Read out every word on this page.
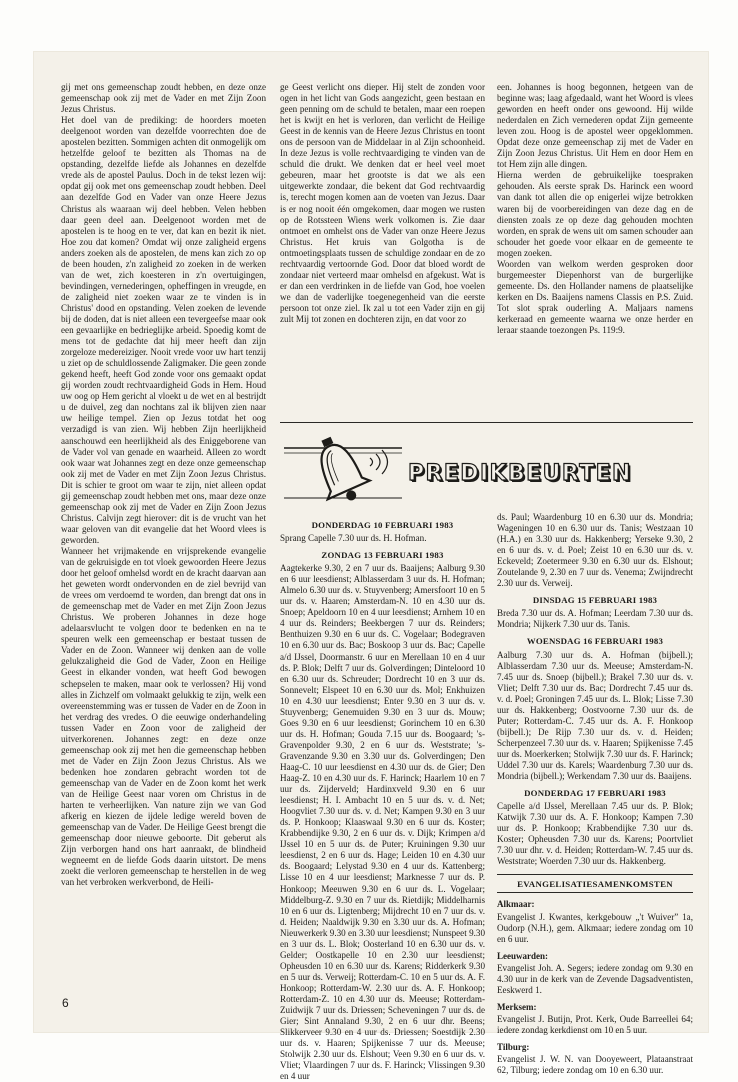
gij met ons gemeenschap zoudt hebben, en deze onze gemeenschap ook zij met de Vader en met Zijn Zoon Jezus Christus.

Het doel van de prediking: de hoorders moeten deelgenoot worden van dezelfde voorrechten doe de apostelen bezitten. Sommigen achten dit onmogelijk om hetzelfde geloof te bezitten als Thomas na de opstanding, dezelfde liefde als Johannes en dezelfde vrede als de apostel Paulus. Doch in de tekst lezen wij: opdat gij ook met ons gemeenschap zoudt hebben. Deel aan dezelfde God en Vader van onze Heere Jezus Christus als waaraan wij deel hebben. Velen hebben daar geen deel aan. Deelgenoot worden met de apostelen is te hoog en te ver, dat kan en bezit ik niet. Hoe zou dat komen? Omdat wij onze zaligheid ergens anders zoeken als de apostelen, de mens kan zich zo op de been houden, z'n zaligheid zo zoeken in de werken van de wet, zich koesteren in z'n overtuigingen, bevindingen, vernederingen, opheffingen in vreugde, en de zaligheid niet zoeken waar ze te vinden is in Christus' dood en opstanding. Velen zoeken de levende bij de doden, dat is niet alleen een tevergeefse maar ook een gevaarlijke en bedrieglijke arbeid. Spoedig komt de mens tot de gedachte dat hij meer heeft dan zijn zorgeloze medereiziger. Nooit vrede voor uw hart tenzij u ziet op de schuldlossende Zaligmaker. Die geen zonde gekend heeft, heeft God zonde voor ons gemaakt opdat gij worden zoudt rechtvaardigheid Gods in Hem. Houd uw oog op Hem gericht al vloekt u de wet en al bestrijdt u de duivel, zeg dan nochtans zal ik blijven zien naar uw heilige tempel. Zien op Jezus totdat het oog verzadigd is van zien. Wij hebben Zijn heerlijkheid aanschouwd een heerlijkheid als des Eniggeborene van de Vader vol van genade en waarheid. Alleen zo wordt ook waar wat Johannes zegt en deze onze gemeenschap ook zij met de Vader en met Zijn Zoon Jezus Christus. Dit is schier te groot om waar te zijn, niet alleen opdat gij gemeenschap zoudt hebben met ons, maar deze onze gemeenschap ook zij met de Vader en Zijn Zoon Jezus Christus. Calvijn zegt hierover: dit is de vrucht van het waar geloven van dit evangelie dat het Woord vlees is geworden.

Wanneer het vrijmakende en vrijsprekende evangelie van de gekruisigde en tot vloek gewoorden Heere Jezus door het geloof omhelsd wordt en de kracht daarvan aan het geweten wordt ondervonden en de ziel bevrijd van de vrees om verdoemd te worden, dan brengt dat ons in de gemeenschap met de Vader en met Zijn Zoon Jezus Christus. We proberen Johannes in deze hoge adelaarsvlucht te volgen door te bedenken en na te speuren welk een gemeenschap er bestaat tussen de Vader en de Zoon. Wanneer wij denken aan de volle gelukzaligheid die God de Vader, Zoon en Heilige Geest in elkander vonden, wat heeft God bewogen schepselen te maken, maar ook te verlossen? Hij vond alles in Zichzelf om volmaakt gelukkig te zijn, welk een overeenstemming was er tussen de Vader en de Zoon in het verdrag des vredes. O die eeuwige onderhandeling tussen Vader en Zoon voor de zaligheid der uitverkorenen. Johannes zegt: en deze onze gemeenschap ook zij met hen die gemeenschap hebben met de Vader en Zijn Zoon Jezus Christus. Als we bedenken hoe zondaren gebracht worden tot de gemeenschap van de Vader en de Zoon komt het werk van de Heilige Geest naar voren om Christus in de harten te verheerlijken. Van nature zijn we van God afkerig en kiezen de ijdele ledige wereld boven de gemeenschap van de Vader. De Heilige Geest brengt die gemeenschap door nieuwe geboorte. Dit geberut als Zijn verborgen hand ons hart aanraakt, de blindheid wegneemt en de liefde Gods daarin uitstort. De mens zoekt die verloren gemeenschap te herstellen in de weg van het verbroken werkverbond, de Heili-

ge Geest verlicht ons dieper. Hij stelt de zonden voor ogen in het licht van Gods aangezicht, geen bestaan en geen penning om de schuld te betalen, maar een roepen het is kwijt en het is verloren, dan verlicht de Heilige Geest in de kennis van de Heere Jezus Christus en toont ons de persoon van de Middelaar in al Zijn schoonheid. In deze Jezus is volle rechtvaardiging te vinden van de schuld die drukt. We denken dat er heel veel moet gebeuren, maar het grootste is dat we als een uitgewerkte zondaar, die bekent dat God rechtvaardig is, terecht mogen komen aan de voeten van Jezus. Daar is er nog nooit één omgekomen, daar mogen we rusten op de Rotssteen Wiens werk volkomen is. Zie daar ontmoet en omhelst ons de Vader van onze Heere Jezus Christus. Het kruis van Golgotha is de ontmoetingsplaats tussen de schuldige zondaar en de zo rechtvaardig vertoornde God. Door dat bloed wordt de zondaar niet verteerd maar omhelsd en afgekust. Wat is er dan een verdrinken in de liefde van God, hoe voelen we dan de vaderlijke toegenegenheid van die eerste persoon tot onze ziel. Ik zal u tot een Vader zijn en gij zult Mij tot zonen en dochteren zijn, en dat voor zo

een. Johannes is hoog begonnen, hetgeen van de beginne was; laag afgedaald, want het Woord is vlees geworden en heeft onder ons gewoond. Hij wilde nederdalen en Zich vernederen opdat Zijn gemeente leven zou. Hoog is de apostel weer opgeklommen. Opdat deze onze gemeenschap zij met de Vader en Zijn Zoon Jezus Christus. Uit Hem en door Hem en tot Hem zijn alle dingen.

Hierna werden de gebruikelijke toespraken gehouden. Als eerste sprak Ds. Harinck een woord van dank tot allen die op enigerlei wijze betrokken waren bij de voorbereidingen van deze dag en de diensten zoals ze op deze dag gehouden mochten worden, en sprak de wens uit om samen schouder aan schouder het goede voor elkaar en de gemeente te mogen zoeken.

Woorden van welkom werden gesproken door burgemeester Diepenhorst van de burgerlijke gemeente. Ds. den Hollander namens de plaatselijke kerken en Ds. Baaijens namens Classis en P.S. Zuid. Tot slot sprak ouderling A. Maljaars namens kerkeraad en gemeente waarna we onze herder en leraar staande toezongen Ps. 119:9.

PREDIKBEURTEN
DONDERDAG 10 FEBRUARI 1983

Sprang Capelle 7.30 uur ds. H. Hofman.

ZONDAG 13 FEBRUARI 1983

Aagtekerke 9.30, 2 en 7 uur ds. Baaijens; Aalburg 9.30 en 6 uur leesdienst; Alblasserdam 3 uur ds. H. Hofman; Almelo 6.30 uur ds. v. Stuyvenberg; Amersfoort 10 en 5 uur ds. v. Haaren; Amsterdam-N. 10 en 4.30 uur ds. Snoep; Apeldoorn 10 en 4 uur leesdienst; Arnhem 10 en 4 uur ds. Reinders; Beekbergen 7 uur ds. Reinders; Benthuizen 9.30 en 6 uur ds. C. Vogelaar; Bodegraven 10 en 6.30 uur ds. Bac; Boskoop 3 uur ds. Bac; Capelle a/d IJssel, Doormanstr. 6 uur en Merellaan 10 en 4 uur ds. P. Blok; Delft 7 uur ds. Golverdingen; Dinteloord 10 en 6.30 uur ds. Schreuder; Dordrecht 10 en 3 uur ds. Sonnevelt; Elspeet 10 en 6.30 uur ds. Mol; Enkhuizen 10 en 4.30 uur leesdienst; Enter 9.30 en 3 uur ds. v. Stuyvenberg; Genemuiden 9.30 en 3 uur ds. Mouw; Goes 9.30 en 6 uur leesdienst; Gorinchem 10 en 6.30 uur ds. H. Hofman; Gouda 7.15 uur ds. Boogaard; 's-Gravenpolder 9.30, 2 en 6 uur ds. Weststrate; 's-Gravenzande 9.30 en 3.30 uur ds. Golverdingen; Den Haag-C. 10 uur leesdienst en 4.30 uur ds. de Gier; Den Haag-Z. 10 en 4.30 uur ds. F. Harinck; Haarlem 10 en 7 uur ds. Zijderveld; Hardinxveld 9.30 en 6 uur leesdienst; H. I. Ambacht 10 en 5 uur ds. v. d. Net; Hoogvliet 7.30 uur ds. v. d. Net; Kampen 9.30 en 3 uur ds. P. Honkoop; Klaaswaal 9.30 en 6 uur ds. Koster; Krabbendijke 9.30, 2 en 6 uur ds. v. Dijk; Krimpen a/d IJssel 10 en 5 uur ds. de Puter; Kruiningen 9.30 uur leesdienst, 2 en 6 uur ds. Hage; Leiden 10 en 4.30 uur ds. Boogaard; Lelystad 9.30 en 4 uur ds. Kattenberg; Lisse 10 en 4 uur leesdienst; Marknesse 7 uur ds. P. Honkoop; Meeuwen 9.30 en 6 uur ds. L. Vogelaar; Middelburg-Z. 9.30 en 7 uur ds. Rietdijk; Middelharnis 10 en 6 uur ds. Ligtenberg; Mijdrecht 10 en 7 uur ds. v. d. Heiden; Naaldwijk 9.30 en 3.30 uur ds. A. Hofman; Nieuwerkerk 9.30 en 3.30 uur leesdienst; Nunspeet 9.30 en 3 uur ds. L. Blok; Oosterland 10 en 6.30 uur ds. v. Gelder; Oostkapelle 10 en 2.30 uur leesdienst; Opheusden 10 en 6.30 uur ds. Karens; Ridderkerk 9.30 en 5 uur ds. Verweij; Rotterdam-C. 10 en 5 uur ds. A. F. Honkoop; Rotterdam-W. 2.30 uur ds. A. F. Honkoop; Rotterdam-Z. 10 en 4.30 uur ds. Meeuse; Rotterdam-Zuidwijk 7 uur ds. Driessen; Scheveningen 7 uur ds. de Gier; Sint Annaland 9.30, 2 en 6 uur dhr. Beens; Slikkerveer 9.30 en 4 uur ds. Driessen; Soestdijk 2.30 uur ds. v. Haaren; Spijkenisse 7 uur ds. Meeuse; Stolwijk 2.30 uur ds. Elshout; Veen 9.30 en 6 uur ds. v. Vliet; Vlaardingen 7 uur ds. F. Harinck; Vlissingen 9.30 en 4 uur

ds. Paul; Waardenburg 10 en 6.30 uur ds. Mondria; Wageningen 10 en 6.30 uur ds. Tanis; Westzaan 10 (H.A.) en 3.30 uur ds. Hakkenberg; Yerseke 9.30, 2 en 6 uur ds. v. d. Poel; Zeist 10 en 6.30 uur ds. v. Eckeveld; Zoetermeer 9.30 en 6.30 uur ds. Elshout; Zoutelande 9, 2.30 en 7 uur ds. Venema; Zwijndrecht 2.30 uur ds. Verweij.

DINSDAG 15 FEBRUARI 1983

Breda 7.30 uur ds. A. Hofman; Leerdam 7.30 uur ds. Mondria; Nijkerk 7.30 uur ds. Tanis.

WOENSDAG 16 FEBRUARI 1983

Aalburg 7.30 uur ds. A. Hofman (bijbell.); Alblasserdam 7.30 uur ds. Meeuse; Amsterdam-N. 7.45 uur ds. Snoep (bijbell.); Brakel 7.30 uur ds. v. Vliet; Delft 7.30 uur ds. Bac; Dordrecht 7.45 uur ds. v. d. Poel; Groningen 7.45 uur ds. L. Blok; Lisse 7.30 uur ds. Hakkenberg; Oostvoorne 7.30 uur ds. de Puter; Rotterdam-C. 7.45 uur ds. A. F. Honkoop (bijbell.); De Rijp 7.30 uur ds. v. d. Heiden; Scherpenzeel 7.30 uur ds. v. Haaren; Spijkenisse 7.45 uur ds. Moerkerken; Stolwijk 7.30 uur ds. F. Harinck; Uddel 7.30 uur ds. Karels; Waardenburg 7.30 uur ds. Mondria (bijbell.); Werkendam 7.30 uur ds. Baaijens.

DONDERDAG 17 FEBRUARI 1983

Capelle a/d IJssel, Merellaan 7.45 uur ds. P. Blok; Katwijk 7.30 uur ds. A. F. Honkoop; Kampen 7.30 uur ds. P. Honkoop; Krabbendijke 7.30 uur ds. Koster; Opheusden 7.30 uur ds. Karens; Poortvliet 7.30 uur dhr. v. d. Heiden; Rotterdam-W. 7.45 uur ds. Weststrate; Woerden 7.30 uur ds. Hakkenberg.

EVANGELISATIESAMENKOMSTEN
Alkmaar:

Evangelist J. Kwantes, kerkgebouw „'t Wuiver” 1a, Oudorp (N.H.), gem. Alkmaar; iedere zondag om 10 en 6 uur.

Leeuwarden:

Evangelist Joh. A. Segers; iedere zondag om 9.30 en 4.30 uur in de kerk van de Zevende Dagsadventisten, Eeskwerd 1.

Merksem:

Evangelist J. Butijn, Prot. Kerk, Oude Barreellei 64; iedere zondag kerkdienst om 10 en 5 uur.

Tilburg:

Evangelist J. W. N. van Dooyeweert, Plataanstraat 62, Tilburg; iedere zondag om 10 en 6.30 uur.

6
